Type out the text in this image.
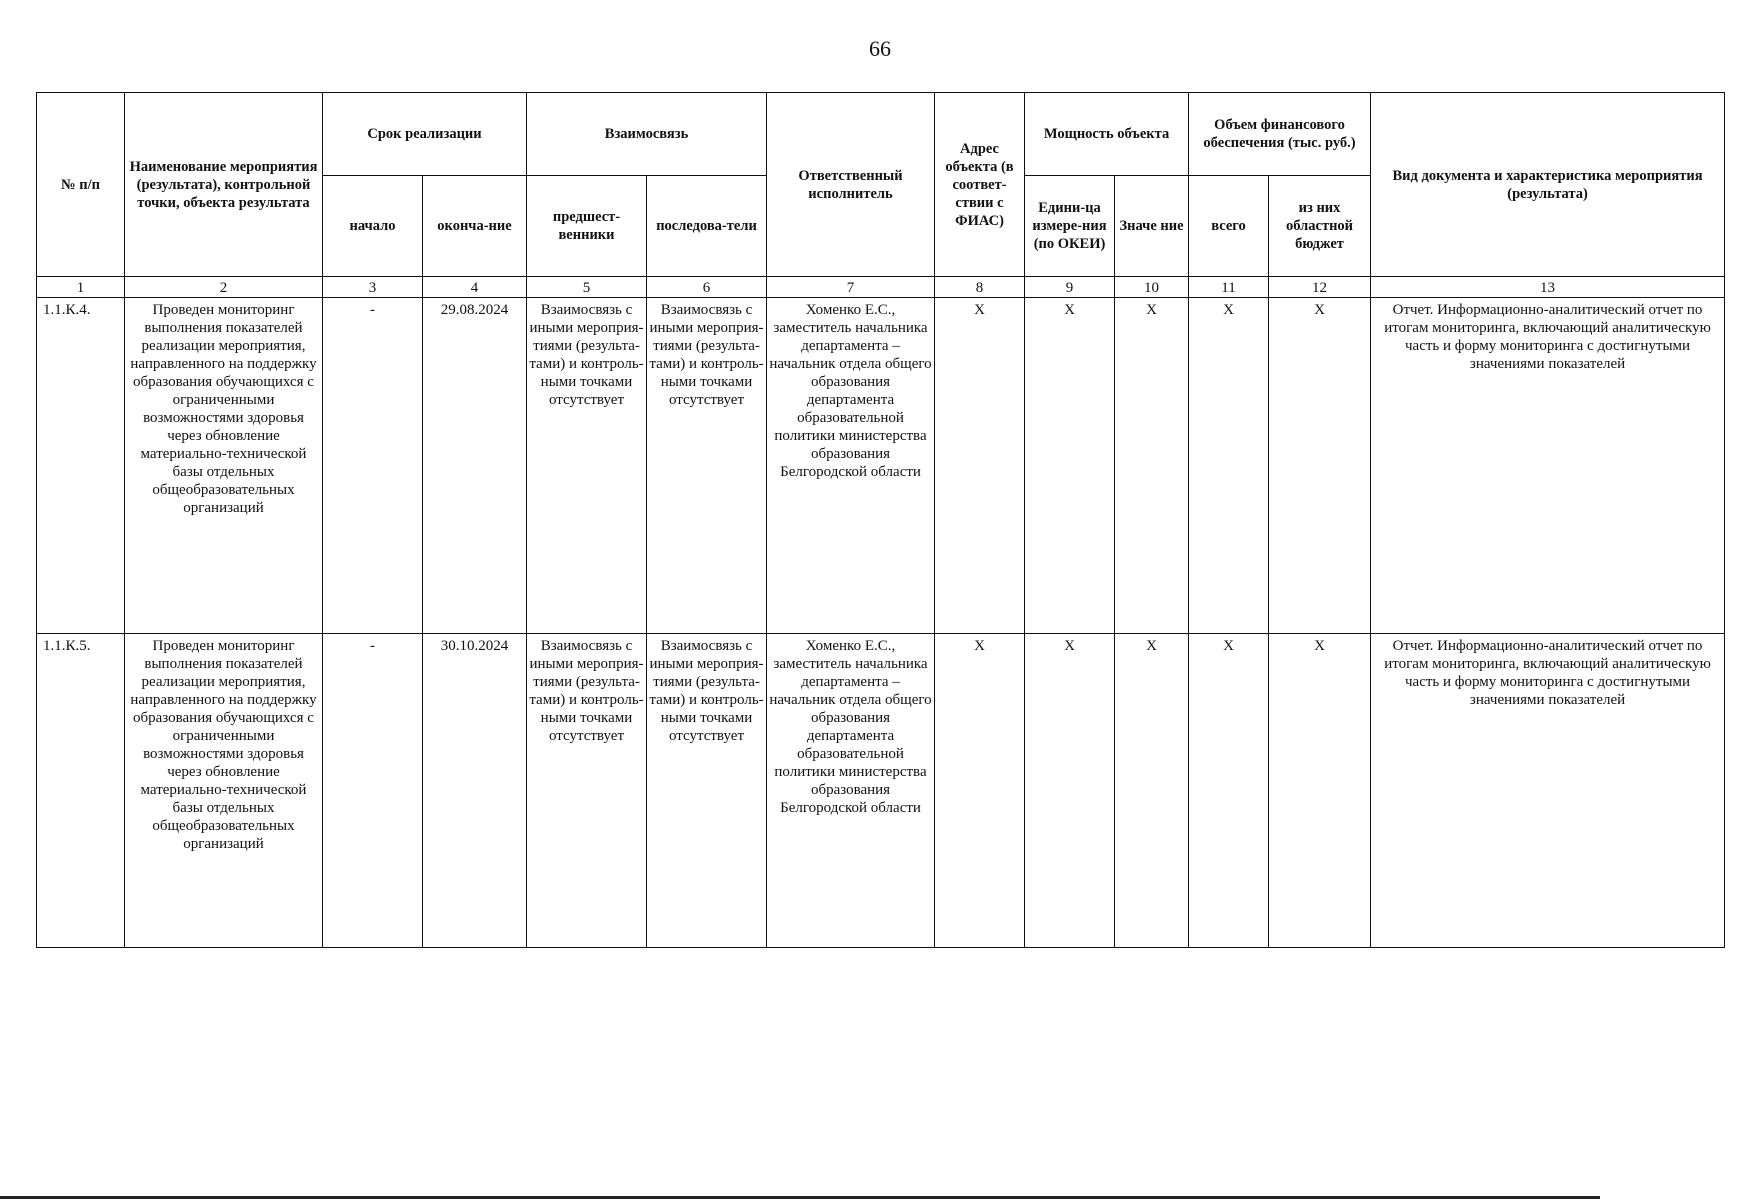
66
№ п/п	Наименование мероприятия (результата), контрольной точки, объекта результата	Срок реализации		Взаимосвязь		Ответственный исполнитель	Адрес объекта (в соответ-ствии с ФИАС)	Мощность объекта		Объем финансового обеспечения (тыс. руб.)		Вид документа и характеристика мероприятия (результата)
		начало	оконча-ние	предшест-венники	последова-тели			Едини-ца измере-ния (по ОКЕИ)	Значе ние	всего	из них областной бюджет	
1	2	3	4	5	6	7	8	9	10	11	12	13
1.1.К.4.	Проведен мониторинг выполнения показателей реализации мероприятия, направленного на поддержку образования обучающихся с ограниченными возможностями здоровья через обновление материально-технической базы отдельных общеобразовательных организаций	-	29.08.2024	Взаимосвязь с иными мероприя-тиями (результа-тами) и контроль-ными точками отсутствует	Взаимосвязь с иными мероприя-тиями (результа-тами) и контроль-ными точками отсутствует	Хоменко Е.С., заместитель начальника департамента – начальник отдела общего образования департамента образовательной политики министерства образования Белгородской области	Х	Х	Х	Х	Х	Отчет. Информационно-аналитический отчет по итогам мониторинга, включающий аналитическую часть и форму мониторинга с достигнутыми значениями показателей
1.1.К.5.	Проведен мониторинг выполнения показателей реализации мероприятия, направленного на поддержку образования обучающихся с ограниченными возможностями здоровья через обновление материально-технической базы отдельных общеобразовательных организаций	-	30.10.2024	Взаимосвязь с иными мероприя-тиями (результа-тами) и контроль-ными точками отсутствует	Взаимосвязь с иными мероприя-тиями (результа-тами) и контроль-ными точками отсутствует	Хоменко Е.С., заместитель начальника департамента – начальник отдела общего образования департамента образовательной политики министерства образования Белгородской области	Х	Х	Х	Х	Х	Отчет. Информационно-аналитический отчет по итогам мониторинга, включающий аналитическую часть и форму мониторинга с достигнутыми значениями показателей
